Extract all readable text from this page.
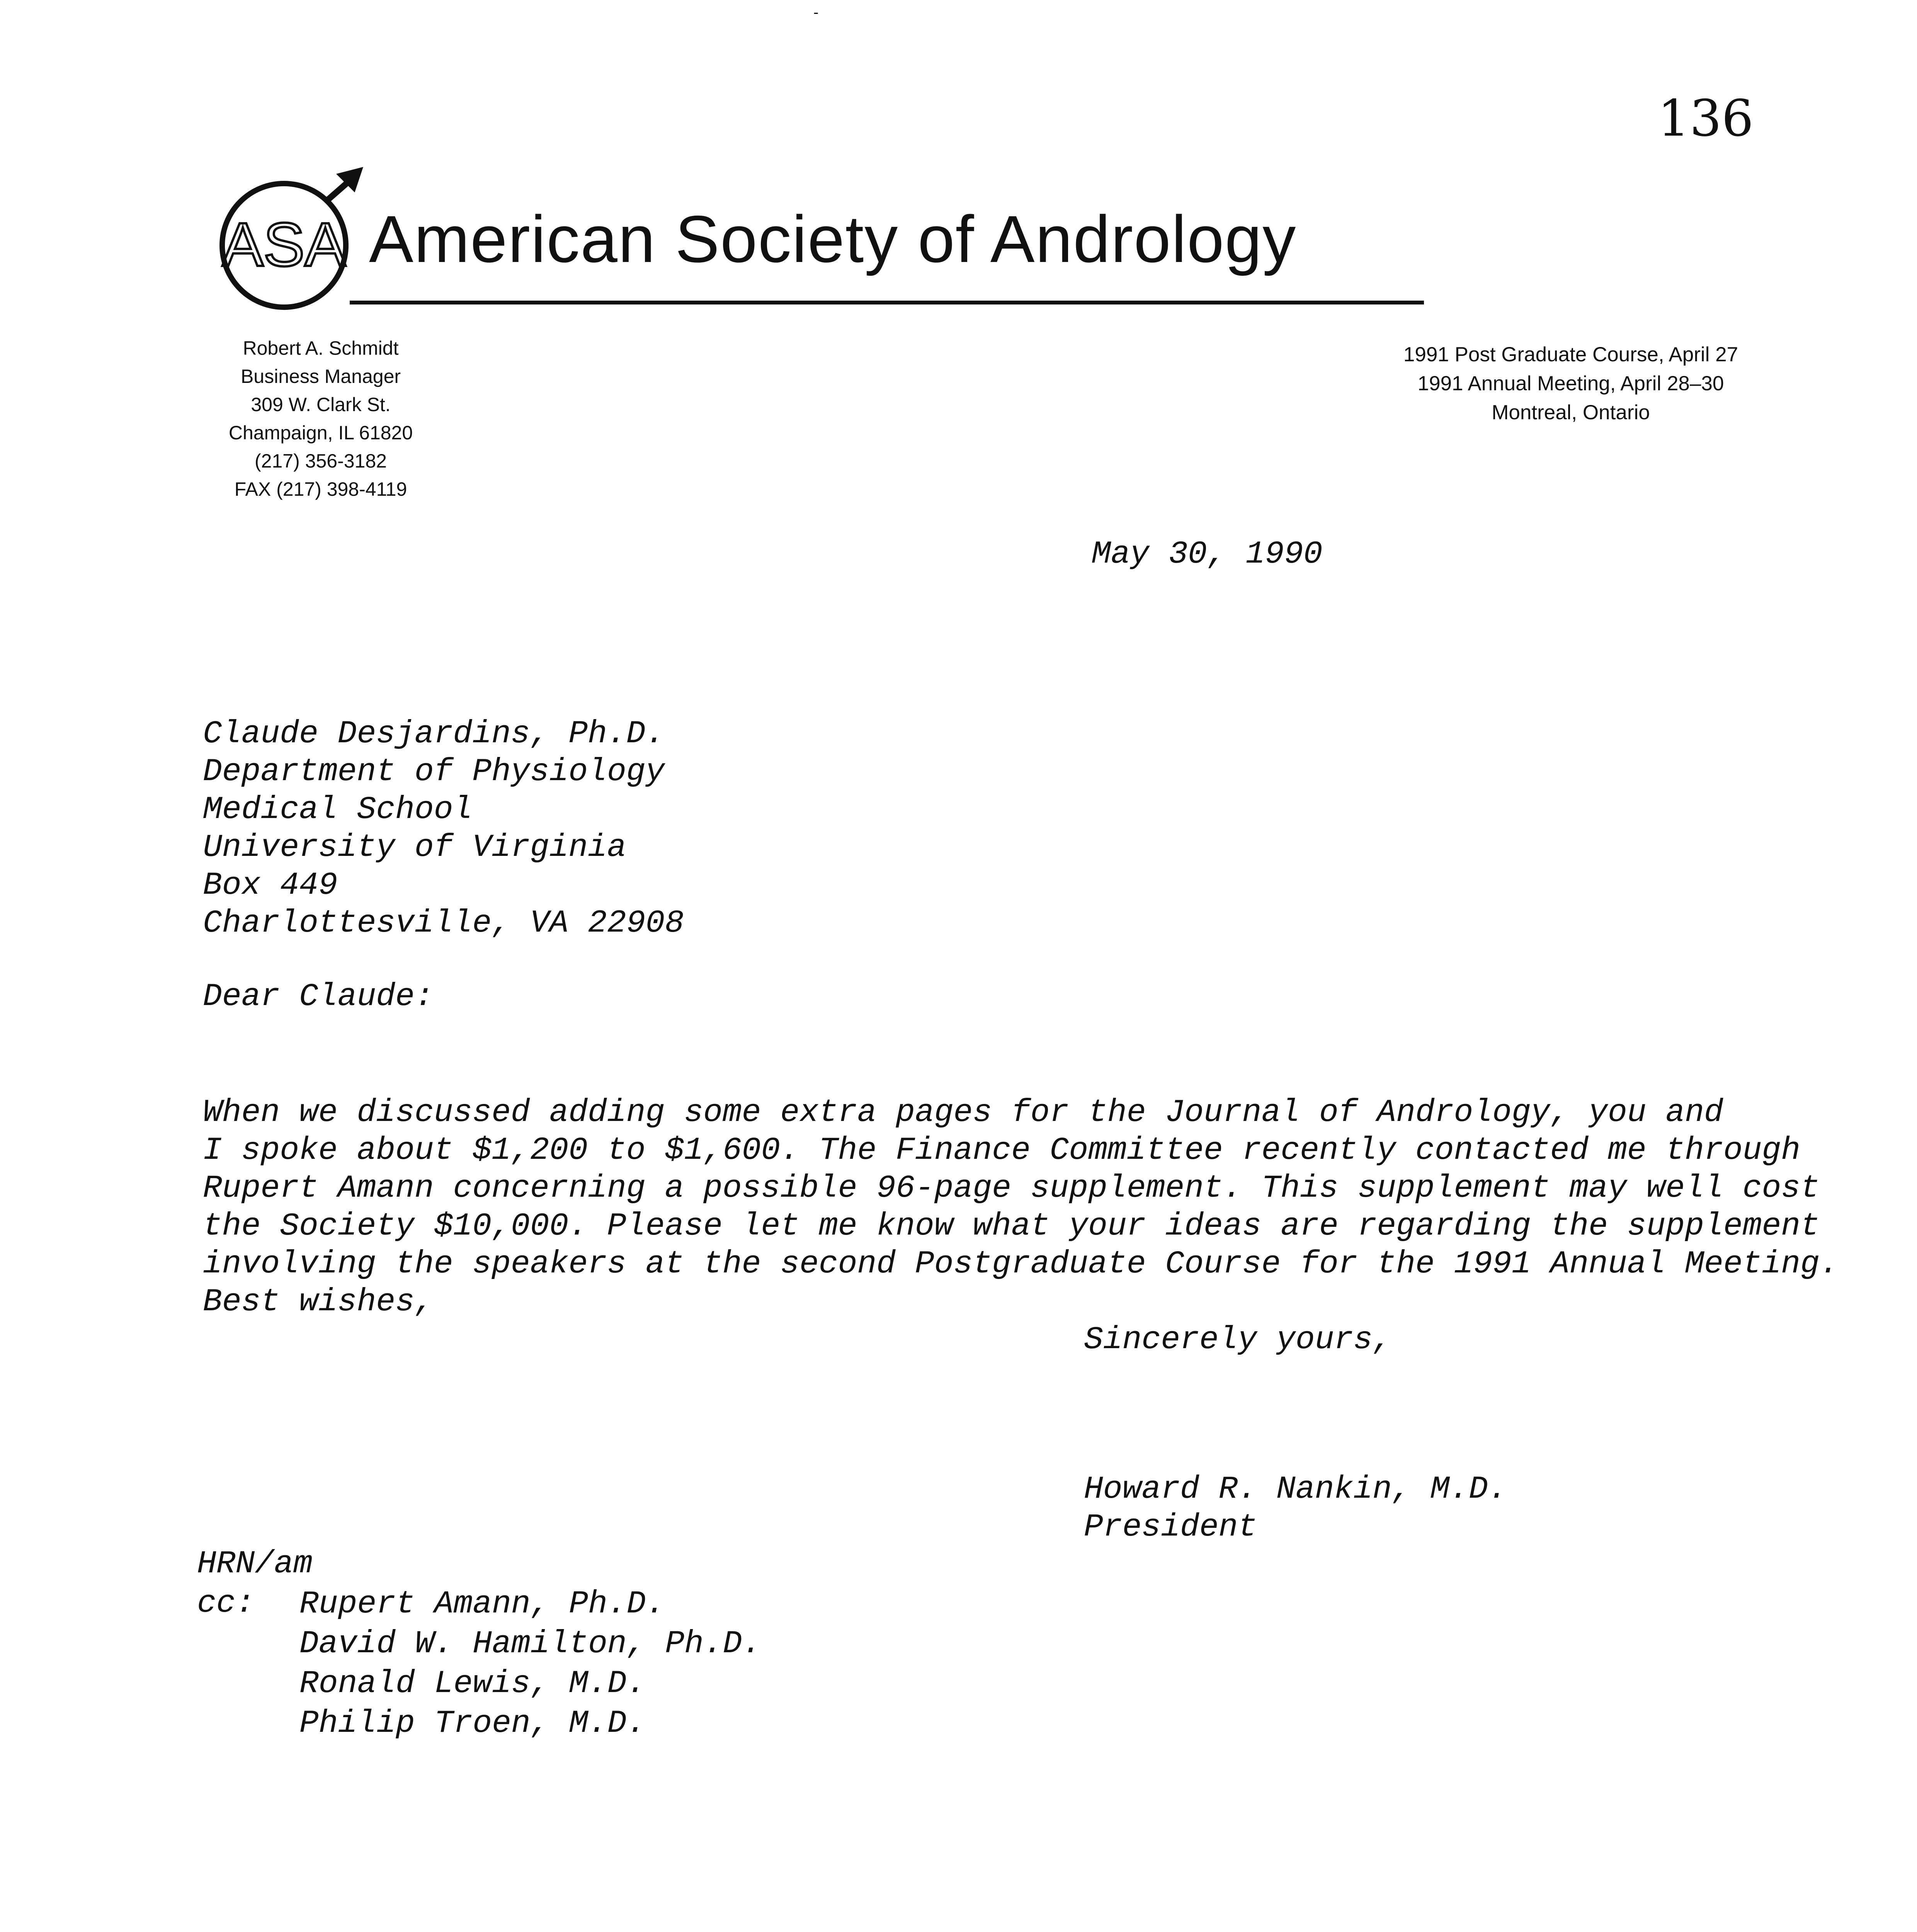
-
136
ASA American Society of Andrology
Robert A. Schmidt
Business Manager
309 W. Clark St.
Champaign, IL 61820
(217) 356-3182
FAX (217) 398-4119
1991 Post Graduate Course, April 27
1991 Annual Meeting, April 28–30
Montreal, Ontario
May 30, 1990
Claude Desjardins, Ph.D.
Department of Physiology
Medical School
University of Virginia
Box 449
Charlottesville, VA 22908
Dear Claude:

When we discussed adding some extra pages for the Journal of Andrology, you and
I spoke about $1,200 to $1,600. The Finance Committee recently contacted me through
Rupert Amann concerning a possible 96-page supplement. This supplement may well cost
the Society $10,000. Please let me know what your ideas are regarding the supplement
involving the speakers at the second Postgraduate Course for the 1991 Annual Meeting.
Best wishes,

Sincerely yours,
Howard R. Nankin, M.D.
President
HRN/am
cc: Rupert Amann, Ph.D.
David W. Hamilton, Ph.D.
Ronald Lewis, M.D.
Philip Troen, M.D.
